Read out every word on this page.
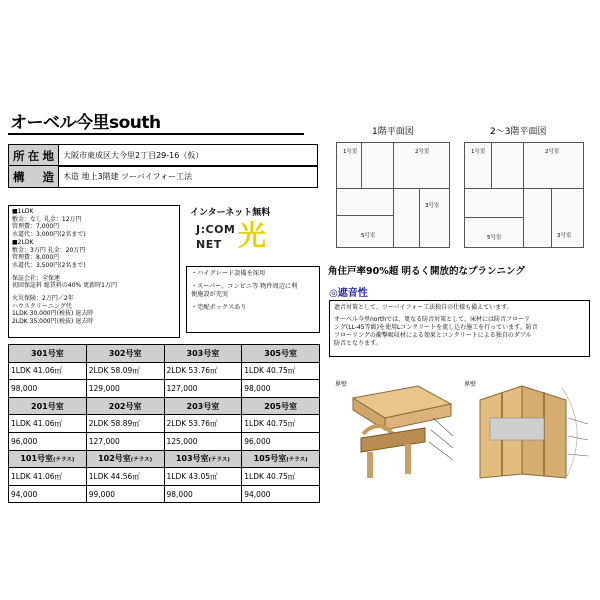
オーベル今里south
所 在 地	大阪市東成区大今里2丁目29-16（仮）
構 造	木造 地上3階建 ツーバイフォー工法
■1LDK
敷金：なし 礼金：12万円
管理費：7,000円
水道代：3,000円(2名まで)
■2LDK
敷金：3万円 礼金：20万円
管理費：8,000円
水道代：3,500円(2名まで)
保証会社：全保連
初回保証料 総賃料の40% 更新時1万円
火災保険：2万円／2年
ハウスクリーニング代
1LDK 30,000円(税抜) 退去時
2LDK 35,000円(税抜) 退去時
インターネット無料
J:COM
NET 光
・ハイグレード設備を採用
・スーパー、コンビニ等 物件周辺に利
便施設が充実
・宅配ボックスあり
301号室	302号室	303号室	305号室
1LDK 41.06㎡	2LDK 58.09㎡	2LDK 53.76㎡	1LDK 40.75㎡
98,000	129,000	127,000	98,000
201号室	202号室	203号室	205号室
1LDK 41.06㎡	2LDK 58.89㎡	2LDK 53.76㎡	1LDK 40.75㎡
96,000	127,000	125,000	96,000
101号室(テラス)	102号室(テラス)	103号室(テラス)	105号室(テラス)
1LDK 41.06㎡	1LDK 44.56㎡	1LDK 43.05㎡	1LDK 40.75㎡
94,000	99,000	98,000	94,000
1階平面図
1号室	2号室
3号室
5号室
2～3階平面図
1号室	2号室
3号室
5号室
角住戸率90%超 明るく開放的なプランニング
◎遮音性
遮音対策として、ツーバイフォー工法独自の仕様も備えています。
オーベル今里northでは、更なる防音対策として，床材には防音フローリ
ング(LL-45等級)を使用Lコンクリートを流し込む施工を行っています。防音
フローリングの衝撃吸収材による効果とコンクリートによる独自のダブル
防音となります。
界壁	界壁
